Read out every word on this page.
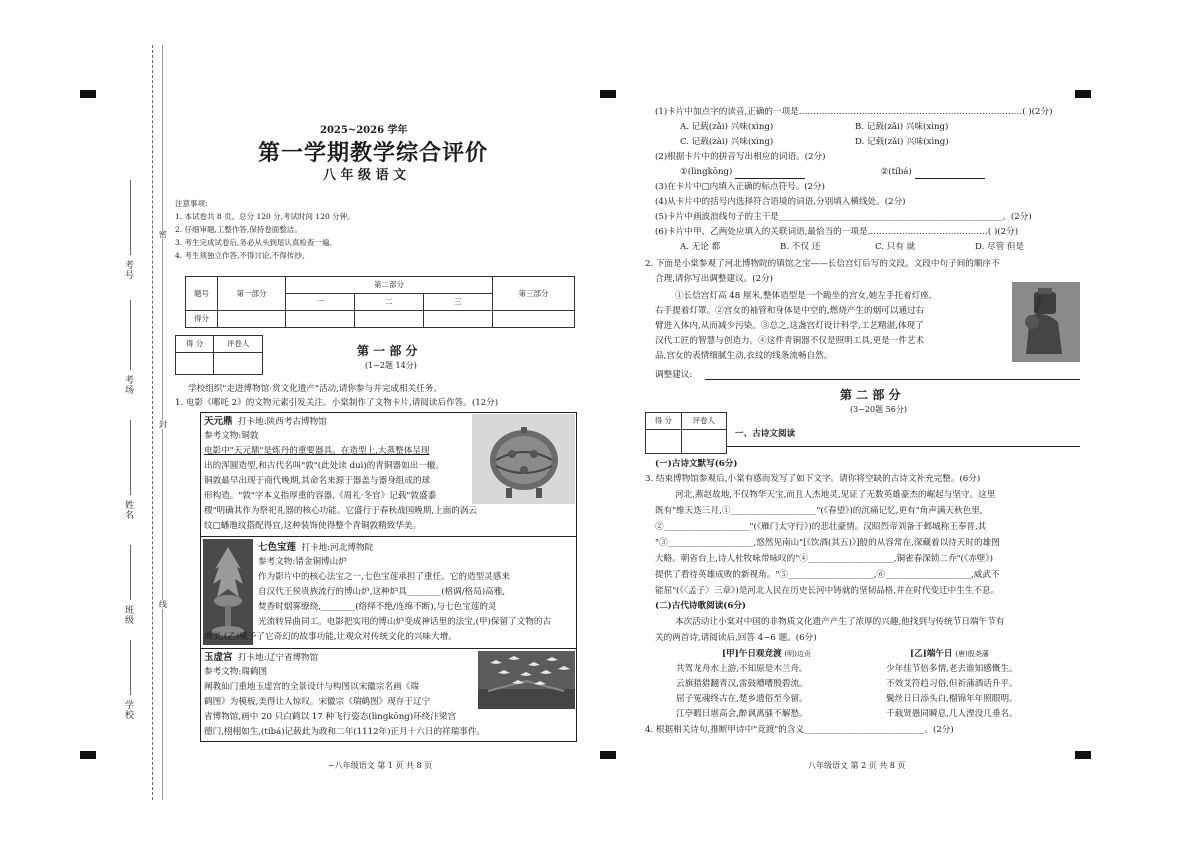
密
封
线
考号
考场
姓名
班级
学校
2025~2026 学年
第一学期教学综合评价
八 年 级 语 文
注意事项:
1. 本试卷共 8 页。总分 120 分,考试时间 120 分钟。
2. 仔细审题,工整作答,保持卷面整洁。
3. 考生完成试卷后,务必从头到尾认真检查一遍。
4. 考生须独立作答,不得讨论,不得传抄。
题号	第一部分	第二部分			第三部分
		一	二	三	
得分					
得 分	评卷人

第 一 部 分
(1~2题 14分)
学校组织"走进博物馆·赏文化遗产"活动,请你参与并完成相关任务。
1. 电影《哪吒 2》的文物元素引发关注。小棠制作了文物卡片,请阅读后作答。(12分)
天元鼎 打卡地:陕西考古博物馆
参考文物:铜敦
电影中"天元鼎"是炼丹的重要器具。在造型上,大蒸整体呈现
出的浑圆造型,和古代名叫"敦"(此处读 duì)的青铜器如出一辙。
铜敦最早出现于商代晚期,其命名来源于器盖与器身组成的球
形构造。"敦"字本义指厚重的容器,《周礼·冬官》记载"敦盛黍
稷"明确其作为祭祀礼器的核心功能。它盛行于春秋战国晚期,上面的涡云
纹□蟠虺纹搭配得宜,这种装饰使得整个青铜敦精致华美。
七色宝莲 打卡地:河北博物院
参考文物:错金铜博山炉
作为影片中的核心法宝之一,七色宝莲承担了重任。它的造型灵感来
自汉代王侯贵族流行的博山炉,这种炉具________(格调/格局)高雅,
焚香时烟雾缭绕,________(络绎不绝/连绵不断),与七色宝莲的灵
光流转异曲同工。电影把实用的博山炉变成神话里的法宝,(甲)保留了文物的古
典美,(乙)赋予了它奇幻的故事功能,让观众对传统文化的兴味大增。
玉虚宫 打卡地:辽宁省博物馆
参考文物:瑞鹤图
阐教仙门重地玉虚宫的全景设计与构图以宋徽宗名画《瑞
鹤图》为模板,美得让人惊叹。宋徽宗《瑞鹤图》现存于辽宁
省博物馆,画中 20 只白鹤以 17 种飞行姿态(lìngkōng)环绕汴梁宫
德门,栩栩如生,(tíbá)记载此为政和二年(1112年)正月十六日的祥瑞事件。
~八年级语文 第 1 页 共 8 页
(1)卡片中加点字的读音,正确的一项是……………………………………………………………………( )(2分)
A. 记载(zǎi) 兴味(xìng)	B. 记载(zǎi) 兴味(xìng)
C. 记载(zài) 兴味(xìng)	D. 记载(zǎi) 兴味(xìng)
(2)根据卡片中的拼音写出相应的词语。(2分)
①(lìngkōng)	②(tíbá)
(3)在卡片中□内填入正确的标点符号。(2分)
(4)从卡片中的括号内选择符合语境的词语,分别填入横线处。(2分)
(5)卡片中画波浪线句子的主干是____________________________________________________。(2分)
(6)卡片中甲、乙两处应填入的关联词语,最恰当的一项是……………………………………( )(2分)
A. 无论 都	B. 不仅 还	C. 只有 就	D. 尽管 但是
2. 下面是小棠参观了河北博物院的镇馆之宝——长信宫灯后写的文段。文段中句子间的顺序不
合理,请你写出调整建议。(2分)
①长信宫灯高 48 厘米,整体造型是一个跪坐的宫女,她左手托着灯座,
右手提着灯罩。②宫女的袖管和身体是中空的,燃烧产生的烟可以通过右
臂进入体内,从而减少污染。③总之,这盏宫灯设计科学,工艺精湛,体现了
汉代工匠的智慧与创造力。④这件青铜器不仅是照明工具,更是一件艺术
品,宫女的表情细腻生动,衣纹的线条流畅自然。
调整建议:
第 二 部 分
(3~20题 56分)
得 分	评卷人

一、古诗文阅读
(一)古诗文默写(6分)
3. 结束博物馆参观后,小棠有感而发写了如下文字。请你将空缺的古诗文补充完整。(6分)
河北,燕赵故地,不仅物华天宝,而且人杰地灵,见证了无数英雄豪杰的崛起与坚守。这里
既有"维天迭三月,①____________________"(《春望》)的沉痛记忆,更有"角声满天秋色里,
②____________________"(《雁门太守行》)的悲壮豪情。汉昭烈帝刘备于邺城称王奉晋,其
"③____________________,悠然见南山"[《饮酒(其五)》]般的从容常在,深藏着以待天时的雄图
大略。朝省台上,诗人杜牧咏带咏叹的"④____________________,铜雀春深锁二乔"(《赤壁》)
提供了看待英雄成败的新视角。"⑤____________________,⑥____________________,威武不
能屈"(《〈孟子〉三章》)是河北人民在历史长河中铸就的坚韧品格,并在时代变迁中生生不息。
(二)古代诗歌阅读(6分)
本次活动让小棠对中国的非物质文化遗产产生了浓厚的兴趣,他找到与传统节日端午节有
关的两首诗,请阅读后,回答 4~6 题。(6分)
[甲]午日观竞渡 (明)边贡
共驾龙舟水上游,不知原是木兰舟。
云旗猎猎翻青汉,雷鼓嘈嘈殷碧流。
屈子冤魂终古在,楚乡遗俗至今留。
江亭暇日堪高会,醉讽离骚不解愁。
[乙]端午日 (唐)殷尧藩
少年佳节倍多情,老去谁知感慨生。
不效艾符趋习俗,但祈蒲酒话升平。
鬓丝日日添头白,榴锦年年照眼明。
千载贤愚同瞬息,几人湮没几垂名。
4. 根据相关诗句,推断甲诗中"竞渡"的含义____________________________。(2分)
八年级语文 第 2 页 共 8 页
